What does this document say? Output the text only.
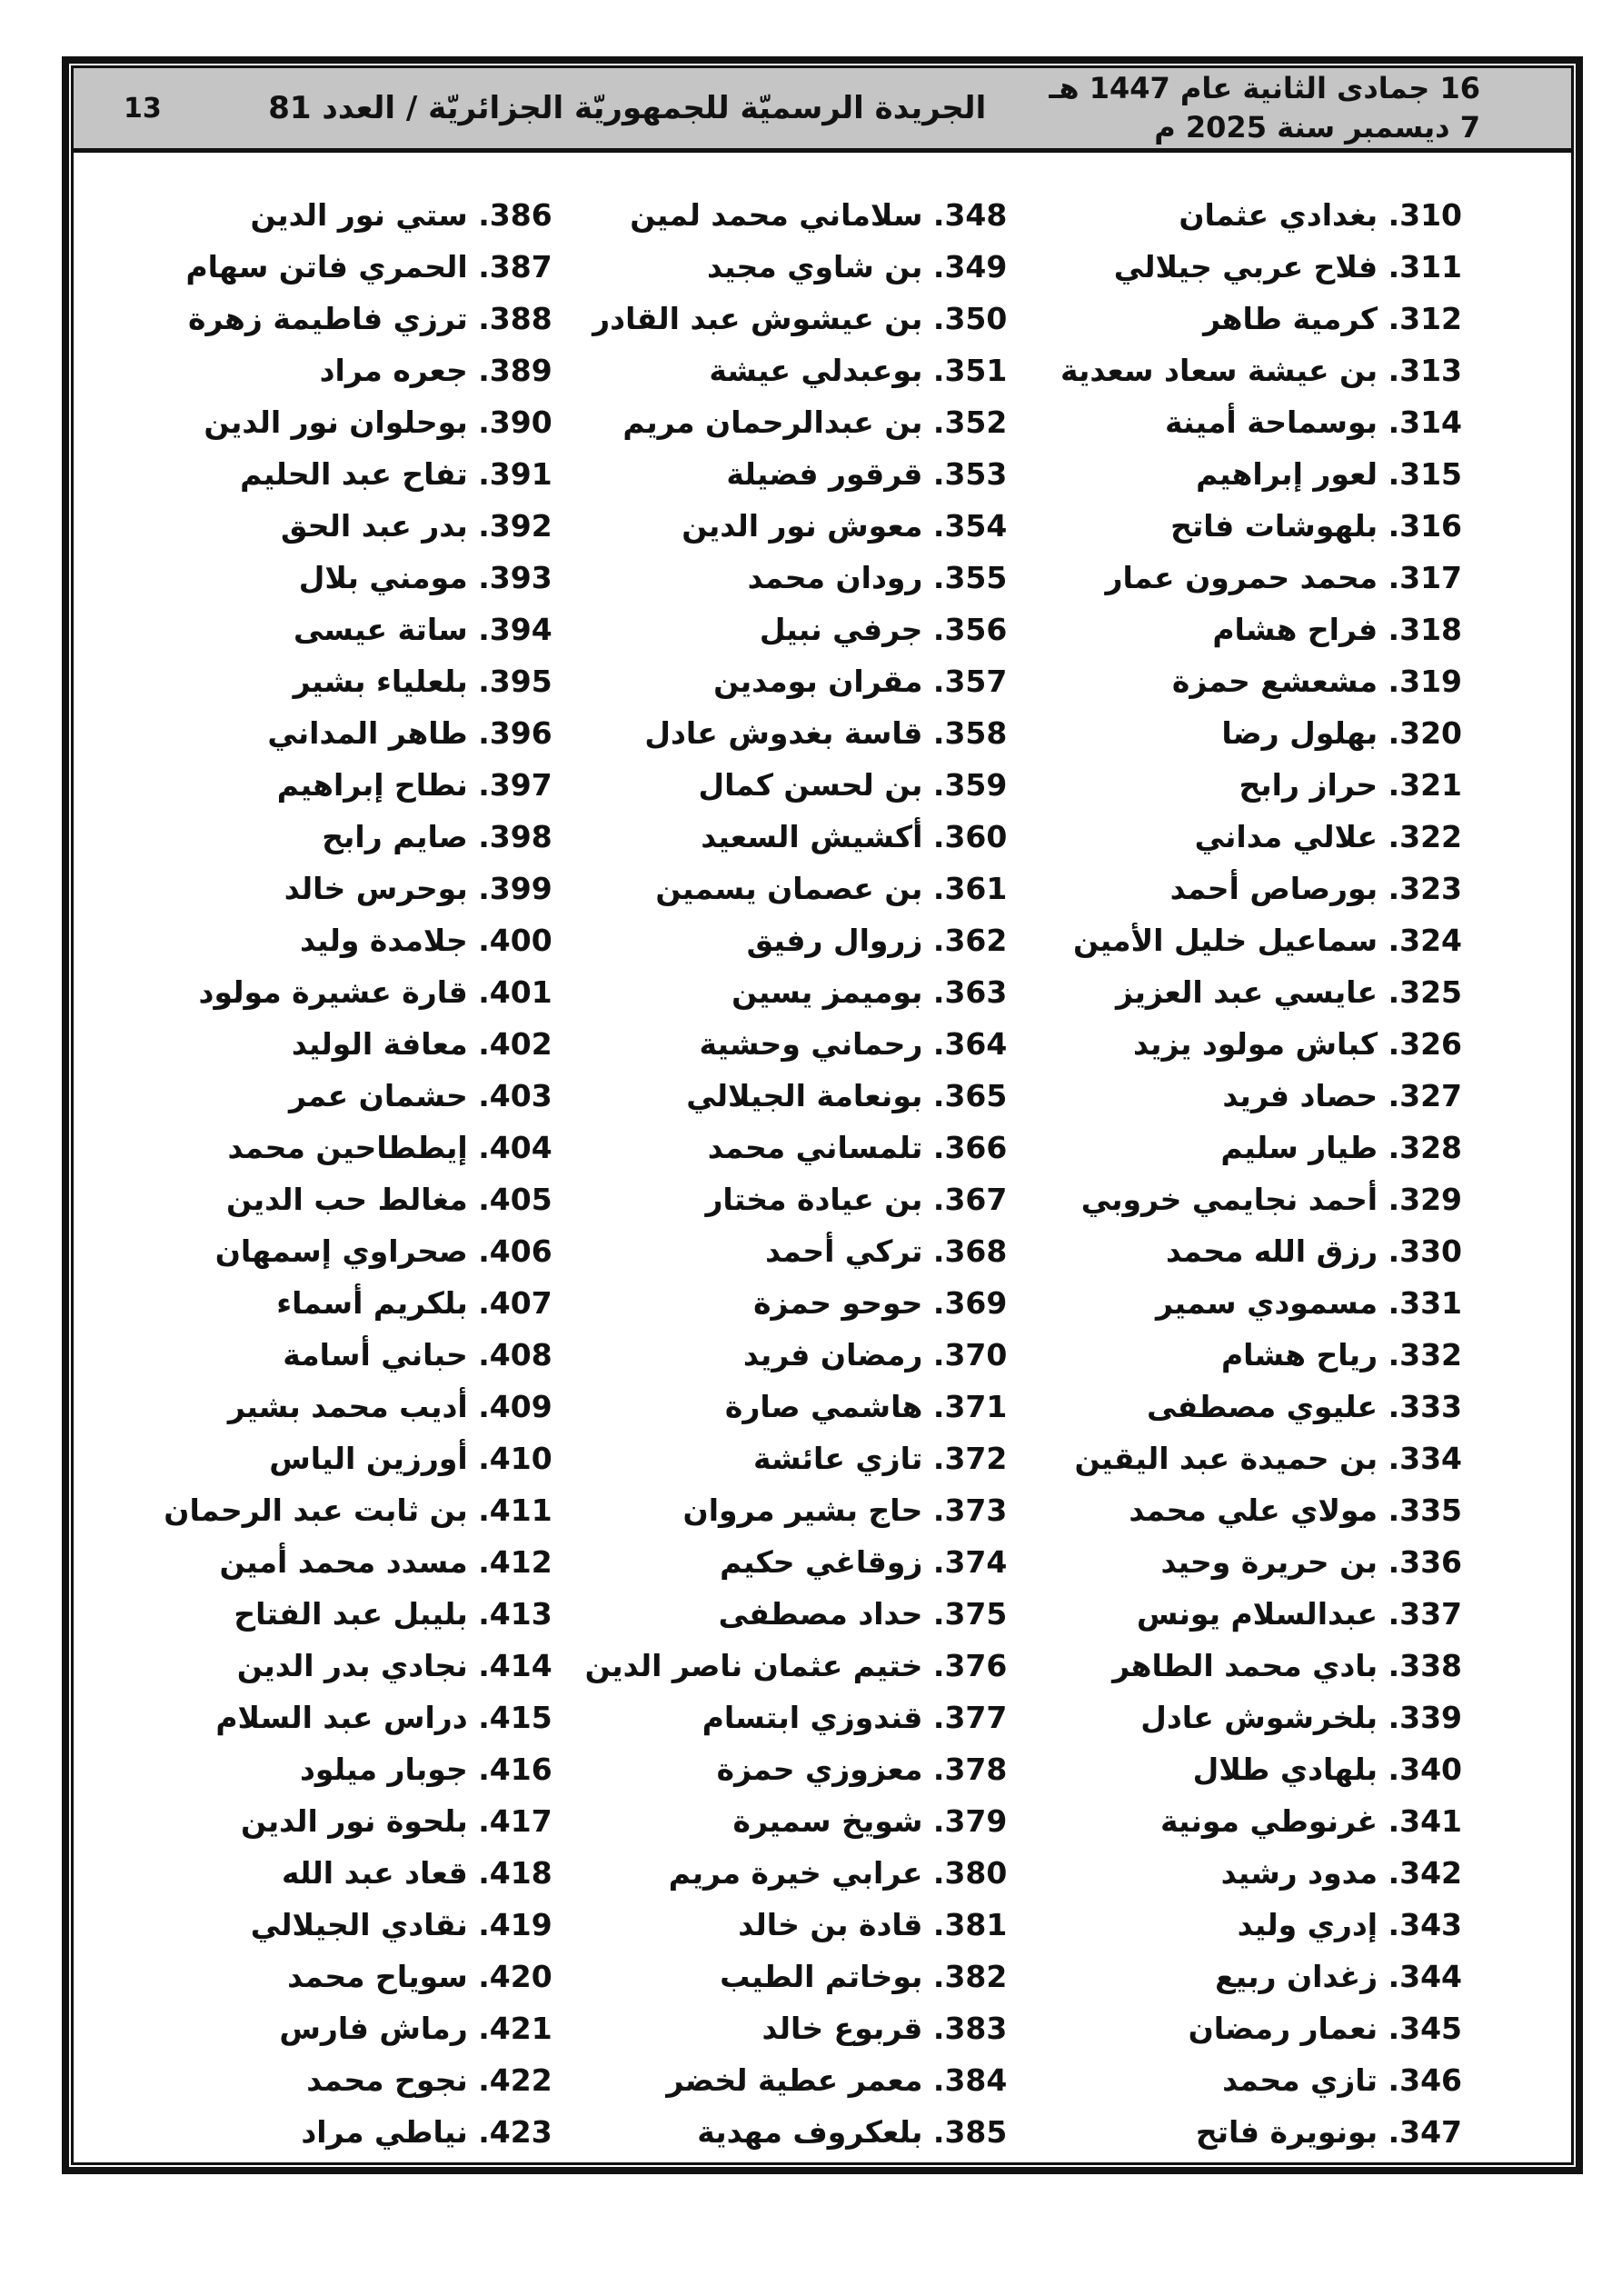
16 جمادى الثانية عام 1447 هـ
7 ديسمبر سنة 2025 م
الجريدة الرسميّة للجمهوريّة الجزائريّة / العدد 81
13
310. بغدادي عثمان
311. فلاح عربي جيلالي
312. كرمية طاهر
313. بن عيشة سعاد سعدية
314. بوسماحة أمينة
315. لعور إبراهيم
316. بلهوشات فاتح
317. محمد حمرون عمار
318. فراح هشام
319. مشعشع حمزة
320. بهلول رضا
321. حراز رابح
322. علالي مداني
323. بورصاص أحمد
324. سماعيل خليل الأمين
325. عايسي عبد العزيز
326. كباش مولود يزيد
327. حصاد فريد
328. طيار سليم
329. أحمد نجايمي خروبي
330. رزق الله محمد
331. مسمودي سمير
332. رياح هشام
333. عليوي مصطفى
334. بن حميدة عبد اليقين
335. مولاي علي محمد
336. بن حريرة وحيد
337. عبدالسلام يونس
338. بادي محمد الطاهر
339. بلخرشوش عادل
340. بلهادي طلال
341. غرنوطي مونية
342. مدود رشيد
343. إدري وليد
344. زغدان ربيع
345. نعمار رمضان
346. تازي محمد
347. بونويرة فاتح
348. سلاماني محمد لمين
349. بن شاوي مجيد
350. بن عيشوش عبد القادر
351. بوعبدلي عيشة
352. بن عبدالرحمان مريم
353. قرقور فضيلة
354. معوش نور الدين
355. رودان محمد
356. جرفي نبيل
357. مقران بومدين
358. قاسة بغدوش عادل
359. بن لحسن كمال
360. أكشيش السعيد
361. بن عصمان يسمين
362. زروال رفيق
363. بوميمز يسين
364. رحماني وحشية
365. بونعامة الجيلالي
366. تلمساني محمد
367. بن عيادة مختار
368. تركي أحمد
369. حوحو حمزة
370. رمضان فريد
371. هاشمي صارة
372. تازي عائشة
373. حاج بشير مروان
374. زوقاغي حكيم
375. حداد مصطفى
376. ختيم عثمان ناصر الدين
377. قندوزي ابتسام
378. معزوزي حمزة
379. شويخ سميرة
380. عرابي خيرة مريم
381. قادة بن خالد
382. بوخاتم الطيب
383. قربوع خالد
384. معمر عطية لخضر
385. بلعكروف مهدية
386. ستي نور الدين
387. الحمري فاتن سهام
388. ترزي فاطيمة زهرة
389. جعره مراد
390. بوحلوان نور الدين
391. تفاح عبد الحليم
392. بدر عبد الحق
393. مومني بلال
394. ساتة عيسى
395. بلعلياء بشير
396. طاهر المداني
397. نطاح إبراهيم
398. صايم رابح
399. بوحرس خالد
400. جلامدة وليد
401. قارة عشيرة مولود
402. معافة الوليد
403. حشمان عمر
404. إيططاحين محمد
405. مغالط حب الدين
406. صحراوي إسمهان
407. بلكريم أسماء
408. حباني أسامة
409. أديب محمد بشير
410. أورزين الياس
411. بن ثابت عبد الرحمان
412. مسدد محمد أمين
413. بليبل عبد الفتاح
414. نجادي بدر الدين
415. دراس عبد السلام
416. جوبار ميلود
417. بلحوة نور الدين
418. قعاد عبد الله
419. نقادي الجيلالي
420. سوياح محمد
421. رماش فارس
422. نجوح محمد
423. نياطي مراد
